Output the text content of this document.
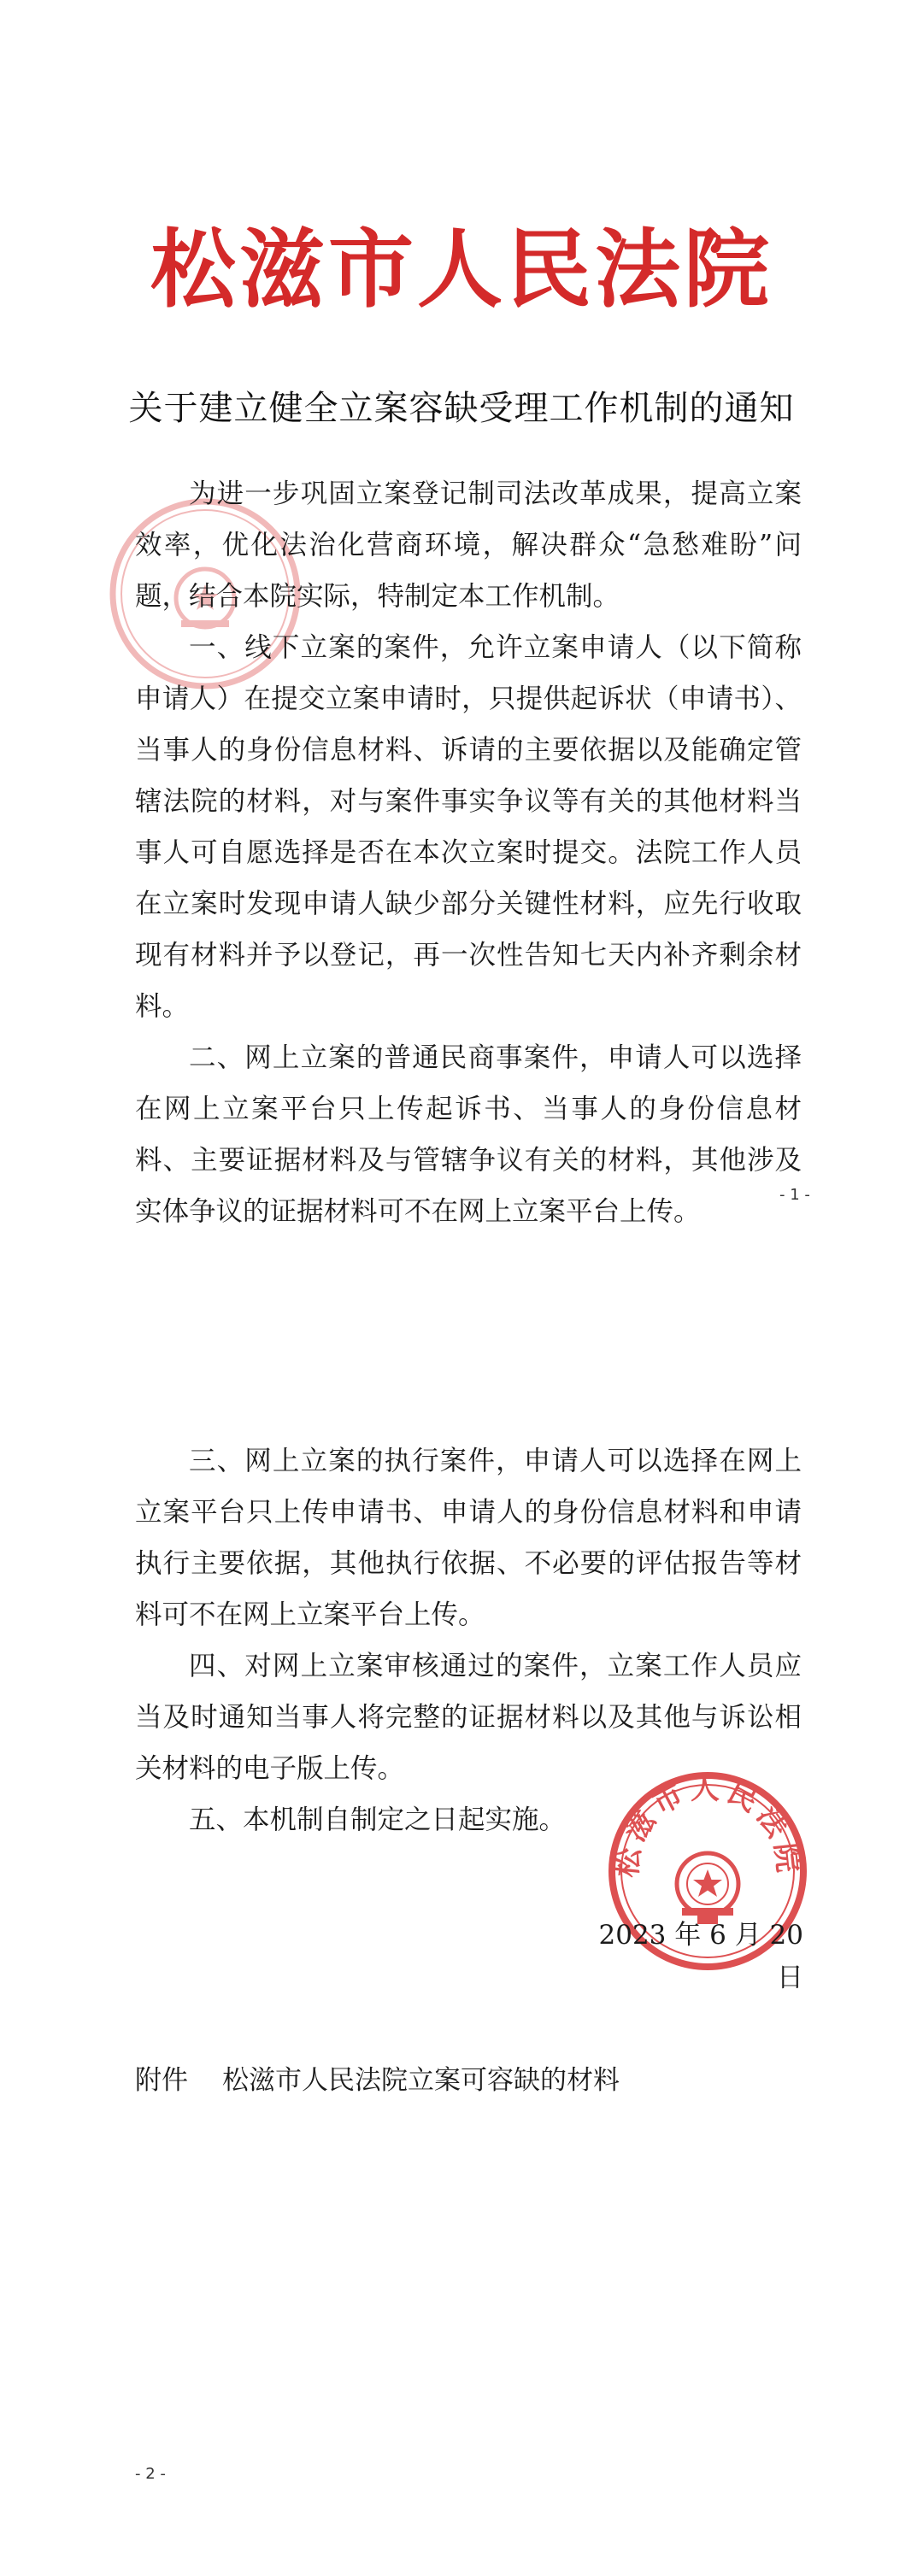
松滋市人民法院
关于建立健全立案容缺受理工作机制的通知

为进一步巩固立案登记制司法改革成果，提高立案效率，优化法治化营商环境，解决群众“急愁难盼”问题，结合本院实际，特制定本工作机制。

一、线下立案的案件，允许立案申请人（以下简称申请人）在提交立案申请时，只提供起诉状（申请书）、当事人的身份信息材料、诉请的主要依据以及能确定管辖法院的材料，对与案件事实争议等有关的其他材料当事人可自愿选择是否在本次立案时提交。法院工作人员在立案时发现申请人缺少部分关键性材料，应先行收取现有材料并予以登记，再一次性告知七天内补齐剩余材料。

二、网上立案的普通民商事案件，申请人可以选择在网上立案平台只上传起诉书、当事人的身份信息材料、主要证据材料及与管辖争议有关的材料，其他涉及实体争议的证据材料可不在网上立案平台上传。

- 1 -

三、网上立案的执行案件，申请人可以选择在网上立案平台只上传申请书、申请人的身份信息材料和申请执行主要依据，其他执行依据、不必要的评估报告等材料可不在网上立案平台上传。

四、对网上立案审核通过的案件，立案工作人员应当及时通知当事人将完整的证据材料以及其他与诉讼相关材料的电子版上传。

五、本机制自制定之日起实施。

松滋市人民法院
2023 年 6 月 20 日
附件 松滋市人民法院立案可容缺的材料
- 2 -
